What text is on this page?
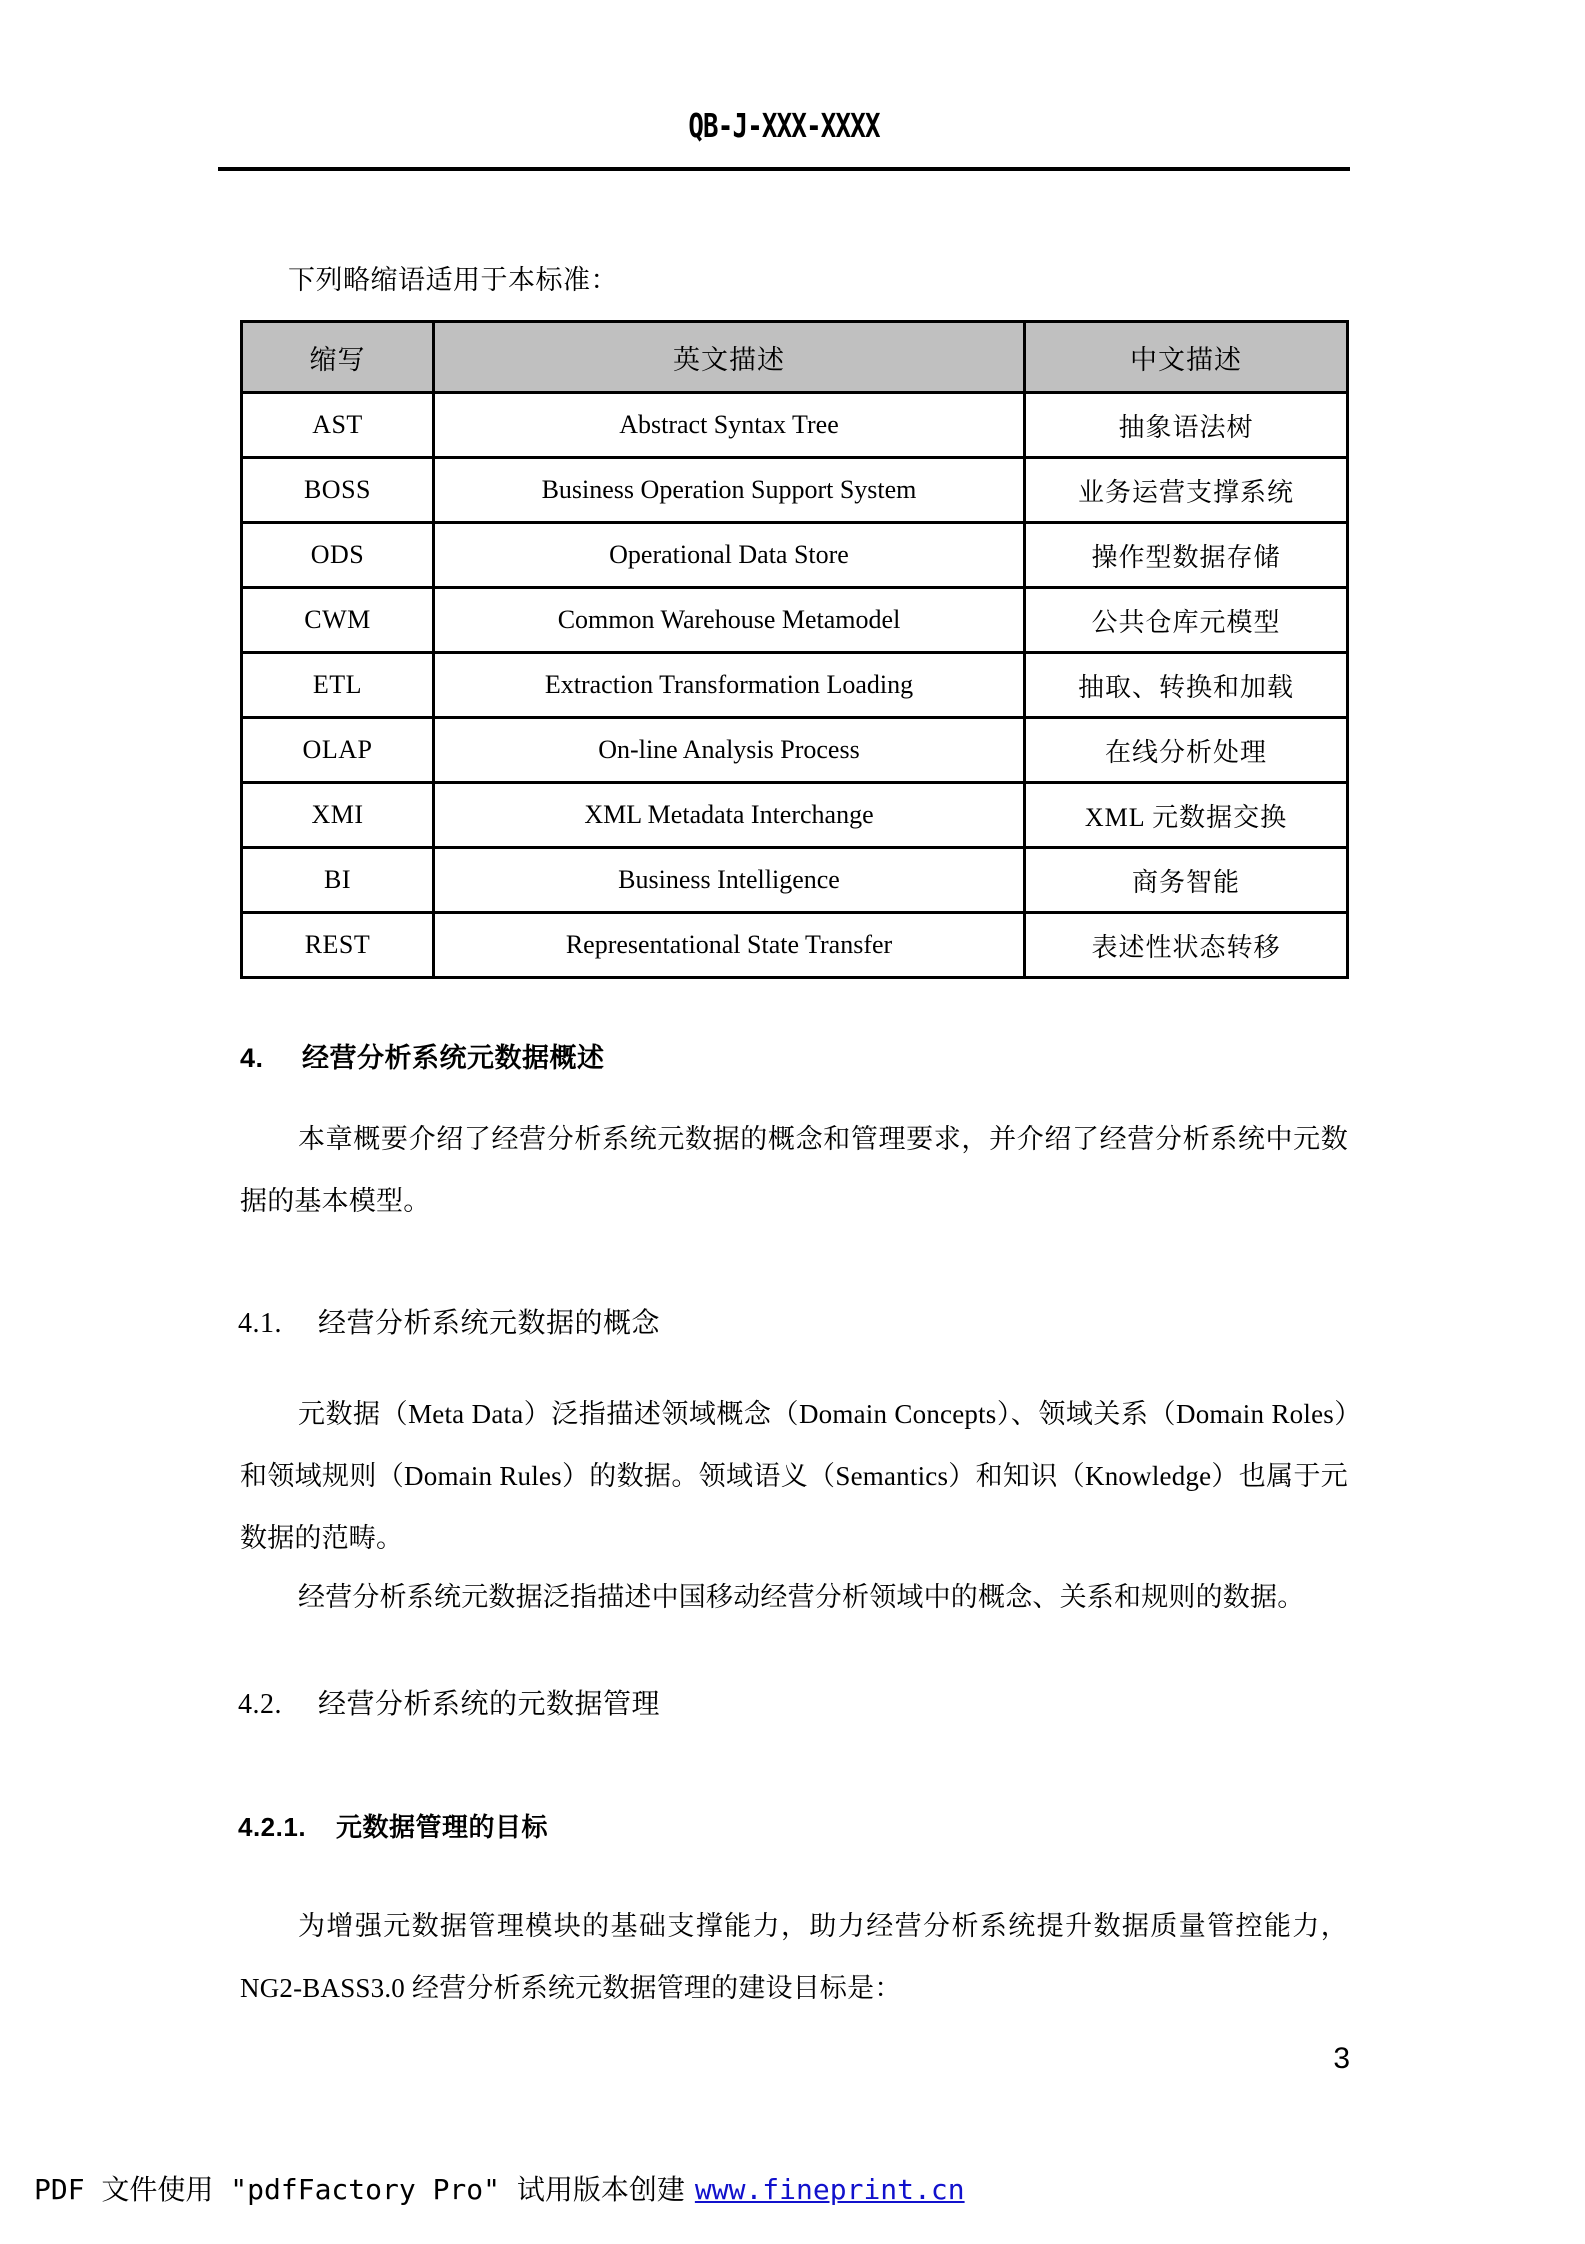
QB-J-XXX-XXXX
下列略缩语适用于本标准：
缩写	英文描述	中文描述
AST	Abstract Syntax Tree	抽象语法树
BOSS	Business Operation Support System	业务运营支撑系统
ODS	Operational Data Store	操作型数据存储
CWM	Common Warehouse Metamodel	公共仓库元模型
ETL	Extraction Transformation Loading	抽取、转换和加载
OLAP	On-line Analysis Process	在线分析处理
XMI	XML Metadata Interchange	XML 元数据交换
BI	Business Intelligence	商务智能
REST	Representational State Transfer	表述性状态转移
4. 经营分析系统元数据概述
本章概要介绍了经营分析系统元数据的概念和管理要求，并介绍了经营分析系统中元数据的基本模型。
4.1. 经营分析系统元数据的概念
元数据（Meta Data）泛指描述领域概念（Domain Concepts）、领域关系（Domain Roles）和领域规则（Domain Rules）的数据。领域语义（Semantics）和知识（Knowledge）也属于元数据的范畴。
经营分析系统元数据泛指描述中国移动经营分析领域中的概念、关系和规则的数据。
4.2. 经营分析系统的元数据管理
4.2.1. 元数据管理的目标
为增强元数据管理模块的基础支撑能力，助力经营分析系统提升数据质量管控能力，NG2-BASS3.0 经营分析系统元数据管理的建设目标是：
3
PDF 文件使用 "pdfFactory Pro" 试用版本创建 www.fineprint.cn
